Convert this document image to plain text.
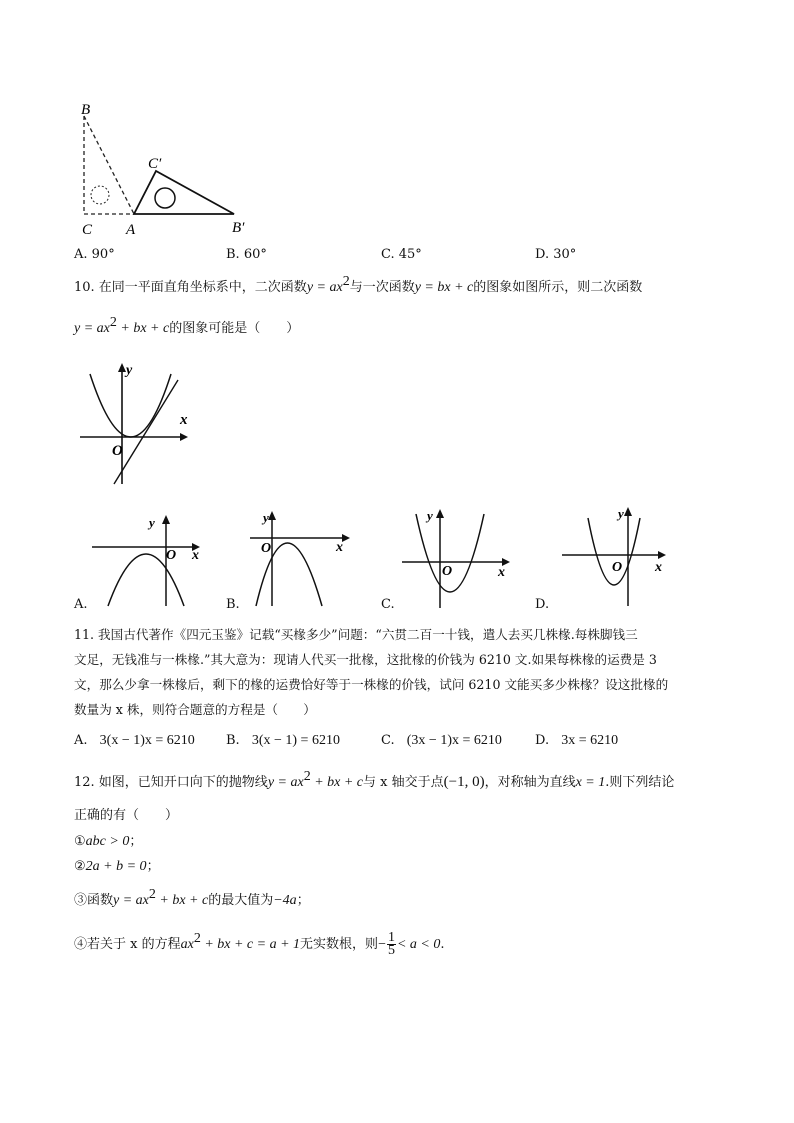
B
C A
C′
B′
A. 90°	B. 60°	C. 45°	D. 30°
10. 在同一平面直角坐标系中，二次函数$y = ax^2$与一次函数y = bx + c的图象如图所示，则二次函数
$y = ax^2$ + bx + c的图象可能是（　　）
y
x
O
y
x
O
A.
y
x
O
B.
y
x
O
C.
y
x
O
D.
11. 我国古代著作《四元玉鉴》记载“买椽多少”问题：“六贯二百一十钱，遣人去买几株椽.每株脚钱三
文足，无钱准与一株椽.”其大意为：现请人代买一批椽，这批椽的价钱为 6210 文.如果每株椽的运费是 3
文，那么少拿一株椽后，剩下的椽的运费恰好等于一株椽的价钱，试问 6210 文能买多少株椽？设这批椽的
数量为 x 株，则符合题意的方程是（　　）
A. 3(x − 1)x = 6210 B. 3(x − 1) = 6210	C. (3x − 1)x = 6210	D. 3x = 6210
12. 如图，已知开口向下的抛物线$y = ax^2$ + bx + c与 x 轴交于点(−1, 0)，对称轴为直线x = 1.则下列结论
正确的有（　　）
①abc > 0；
②2a + b = 0；
③函数$y = ax^2$ + bx + c的最大值为−4a；
④若关于 x 的方程$ax^2$ + bx + c = a + 1无实数根，则− $\frac{1}{5} < a < 0$.
